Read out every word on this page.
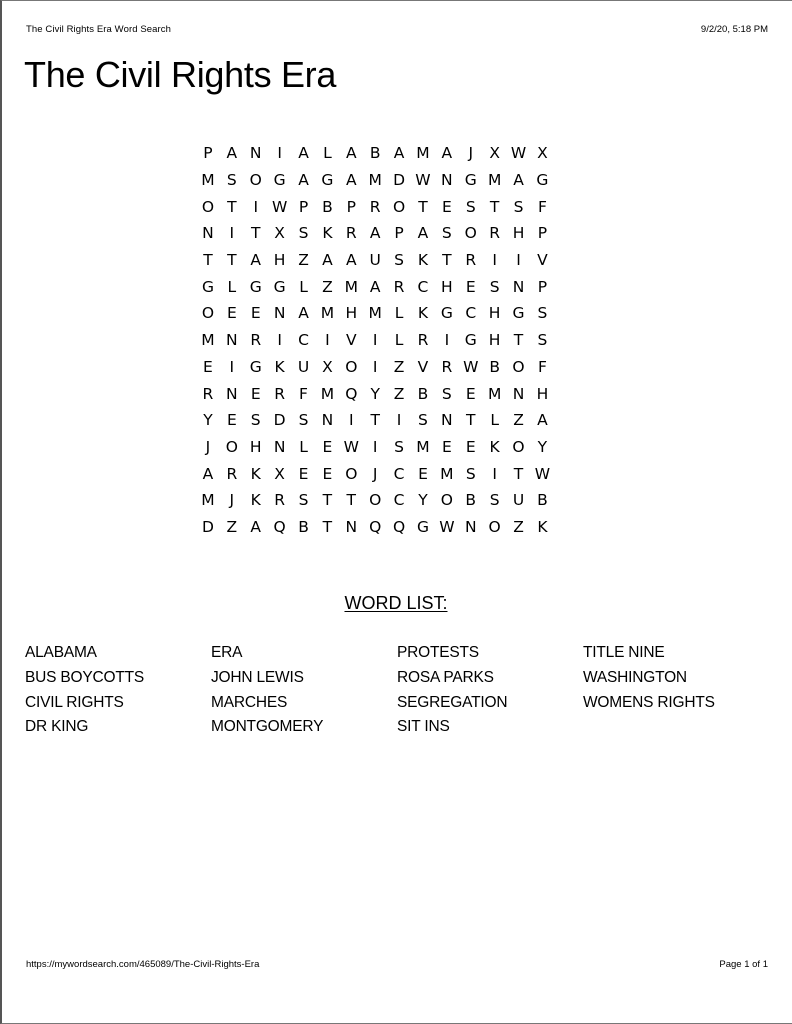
The Civil Rights Era Word Search	9/2/20, 5:18 PM
The Civil Rights Era
P A N	I	A L A B A M A	J	X W X
M S O G A G A M D W N G M A G
O T	I W P B P R O T E S T S F
N	I	T X S K R A P A S O R H P
T T A H Z A A U S K T R	I	I	V
G L G G L Z M A R C H E S N P
O E E N A M H M L K G C H G S
M N R	I	C	I	V	I	L R	I	G H T S
E	I	G K U X O	I	Z V R W B O F
R N E R F M Q Y Z B S E M N H
Y E S D S N	I	T	I	S N T L Z A
J	O H N L E W I	S M E E K O Y
A R K X E E O	J	C E M S	I	T W
M J	K R S T T O C Y O B S U B
D Z A Q B T N Q Q G W N O Z K
WORD LIST:
ALABAMA
BUS BOYCOTTS
CIVIL RIGHTS
DR KING
ERA
JOHN LEWIS
MARCHES
MONTGOMERY
PROTESTS
ROSA PARKS
SEGREGATION
SIT INS
TITLE NINE
WASHINGTON
WOMENS RIGHTS
https://mywordsearch.com/465089/The-Civil-Rights-Era	Page 1 of 1
